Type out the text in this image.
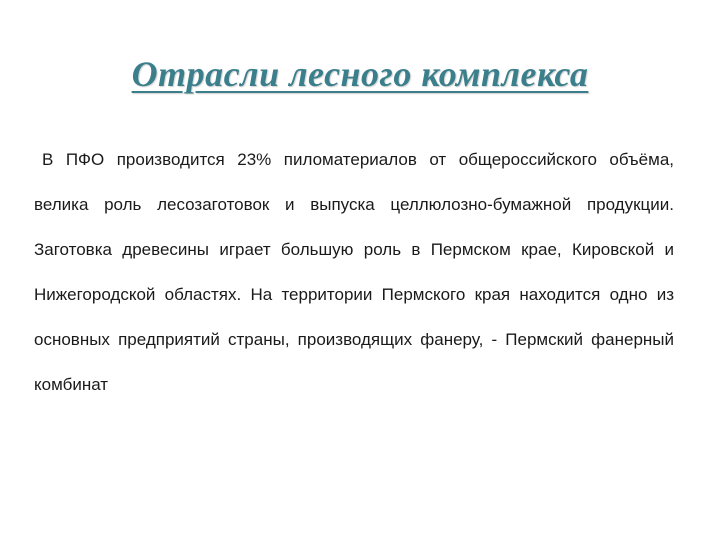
Отрасли лесного комплекса

В ПФО производится 23% пиломатериалов от общероссийского объёма, велика роль лесозаготовок и выпуска целлюлозно-бумажной продукции. Заготовка древесины играет большую роль в Пермском крае, Кировской и Нижегородской областях. На территории Пермского края находится одно из основных предприятий страны, производящих фанеру, - Пермский фанерный комбинат
